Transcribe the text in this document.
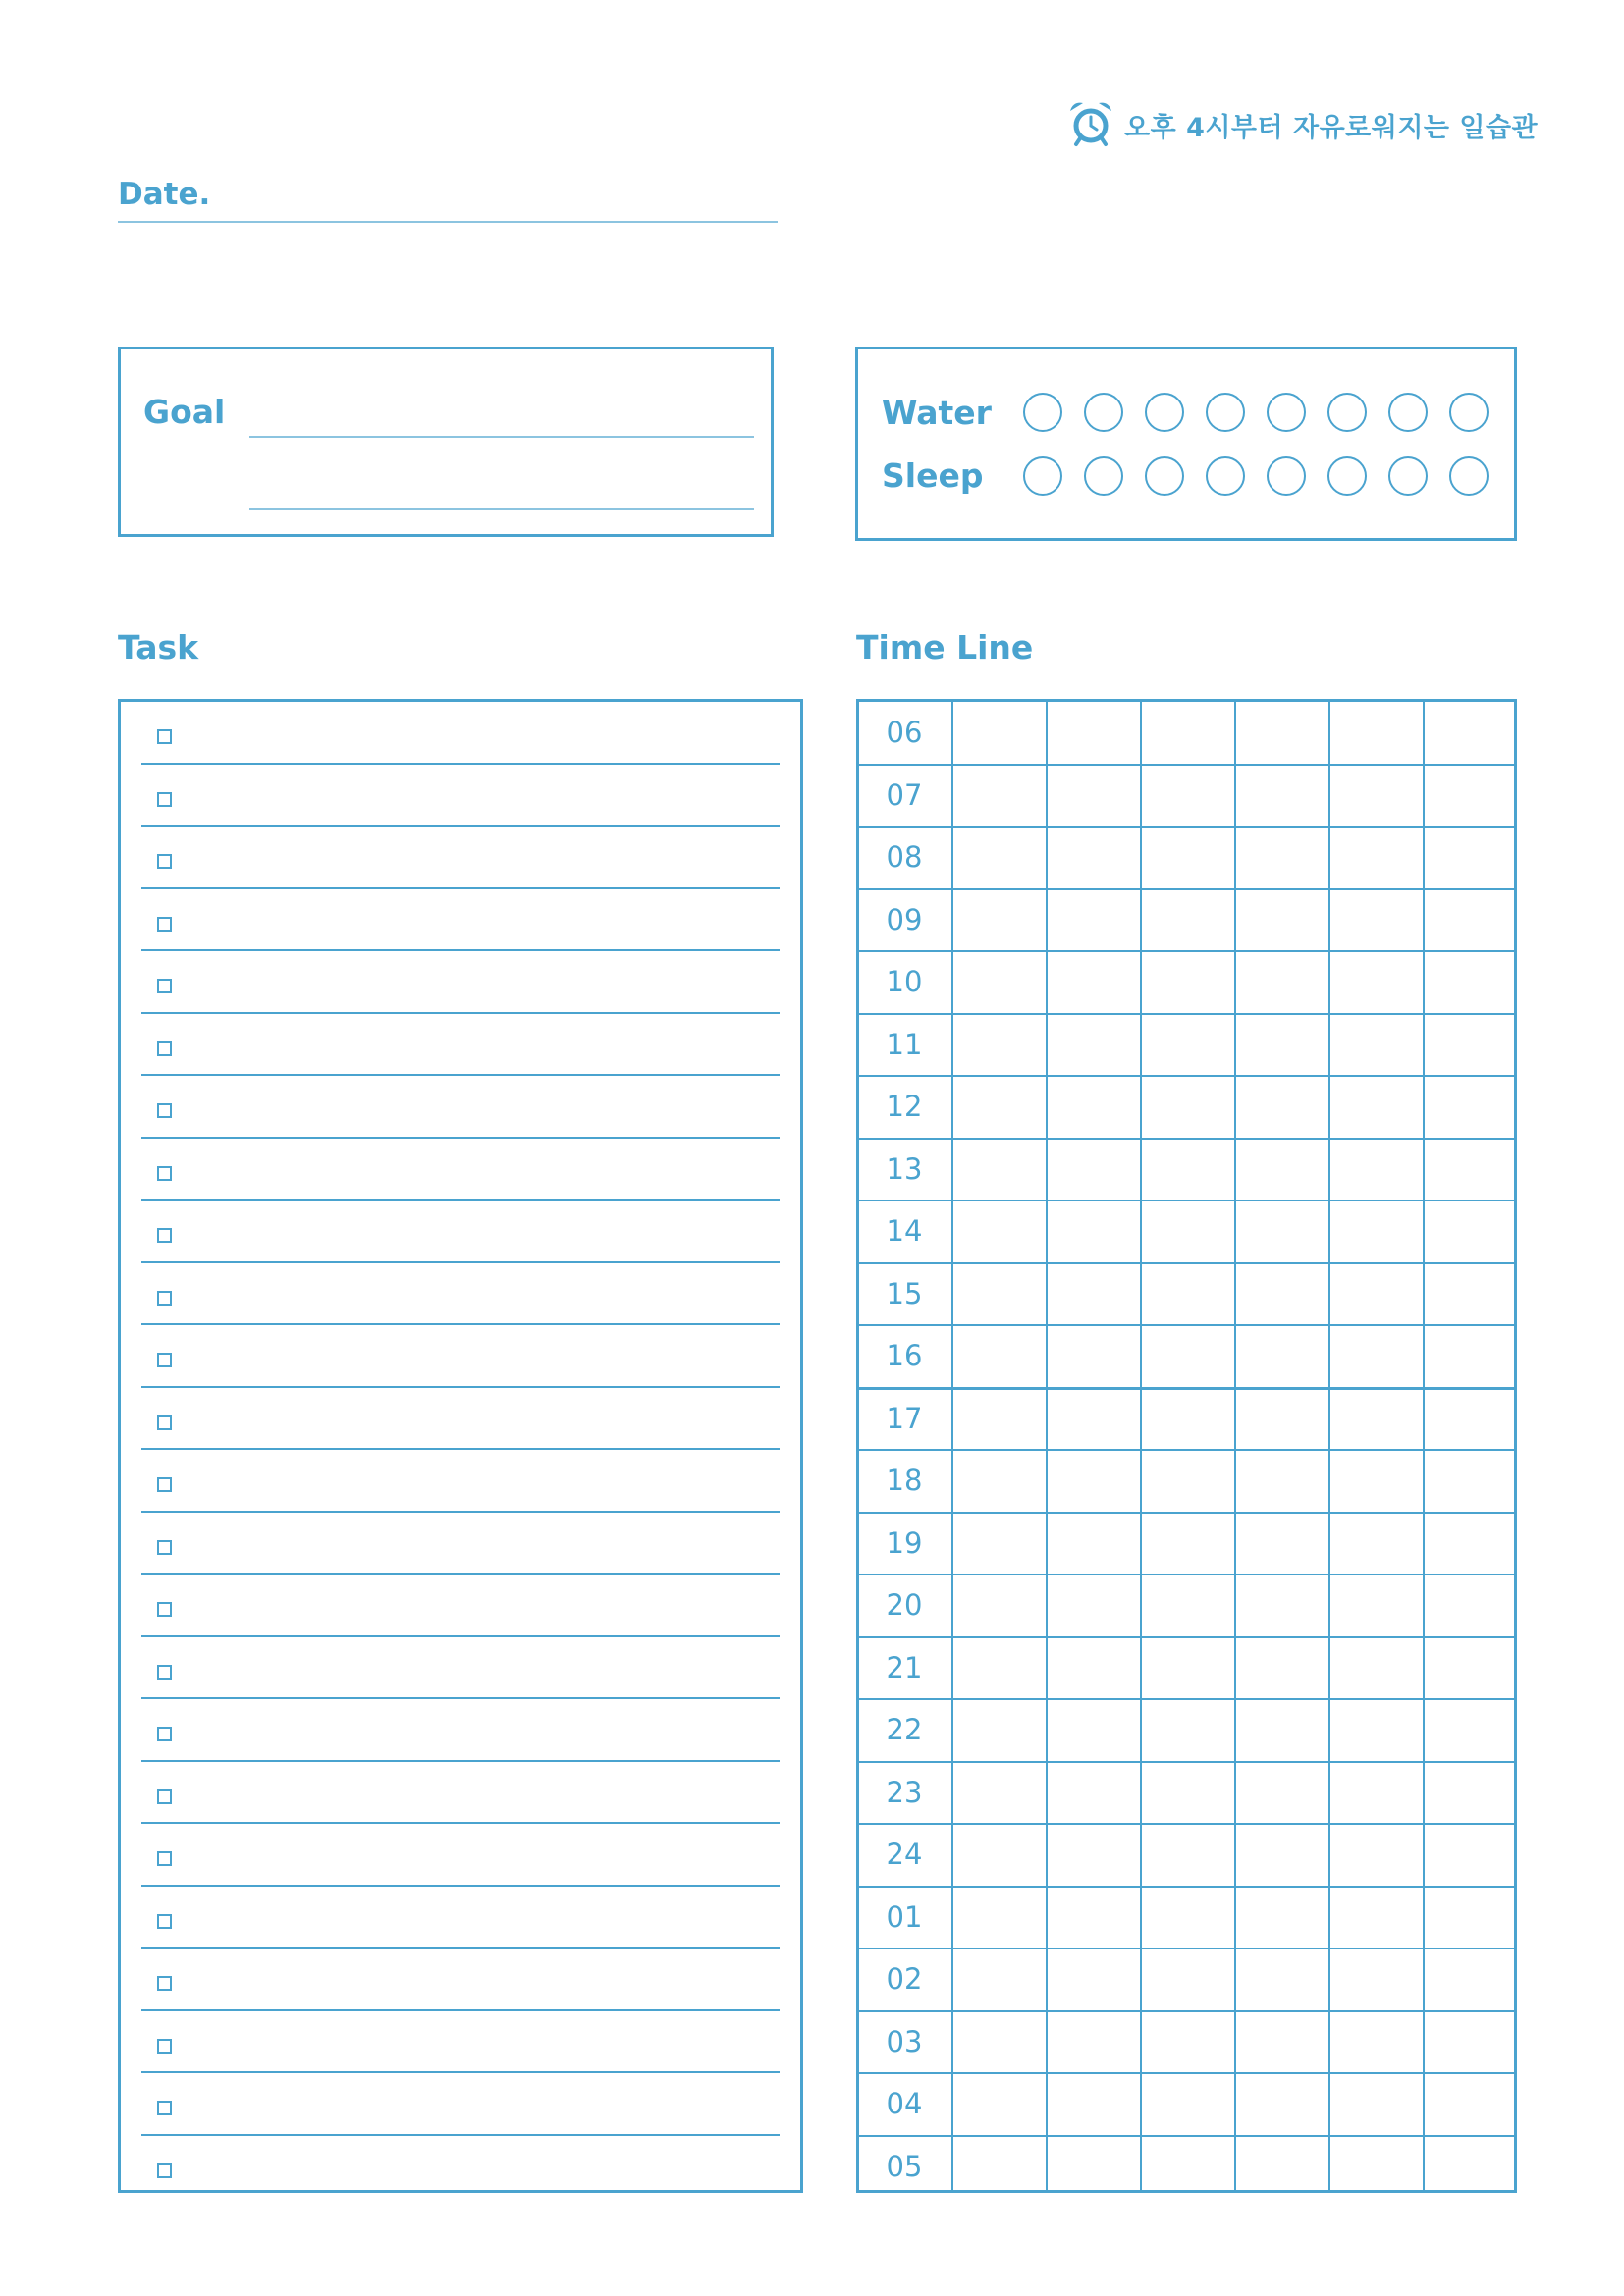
오후 4시부터 자유로워지는 일습관
Date.
Goal	Water
Sleep
Task	Time Line
06
07
08
09
10
11
12
13
14
15
16
17
18
19
20
21
22
23
24
01
02
03
04
05
